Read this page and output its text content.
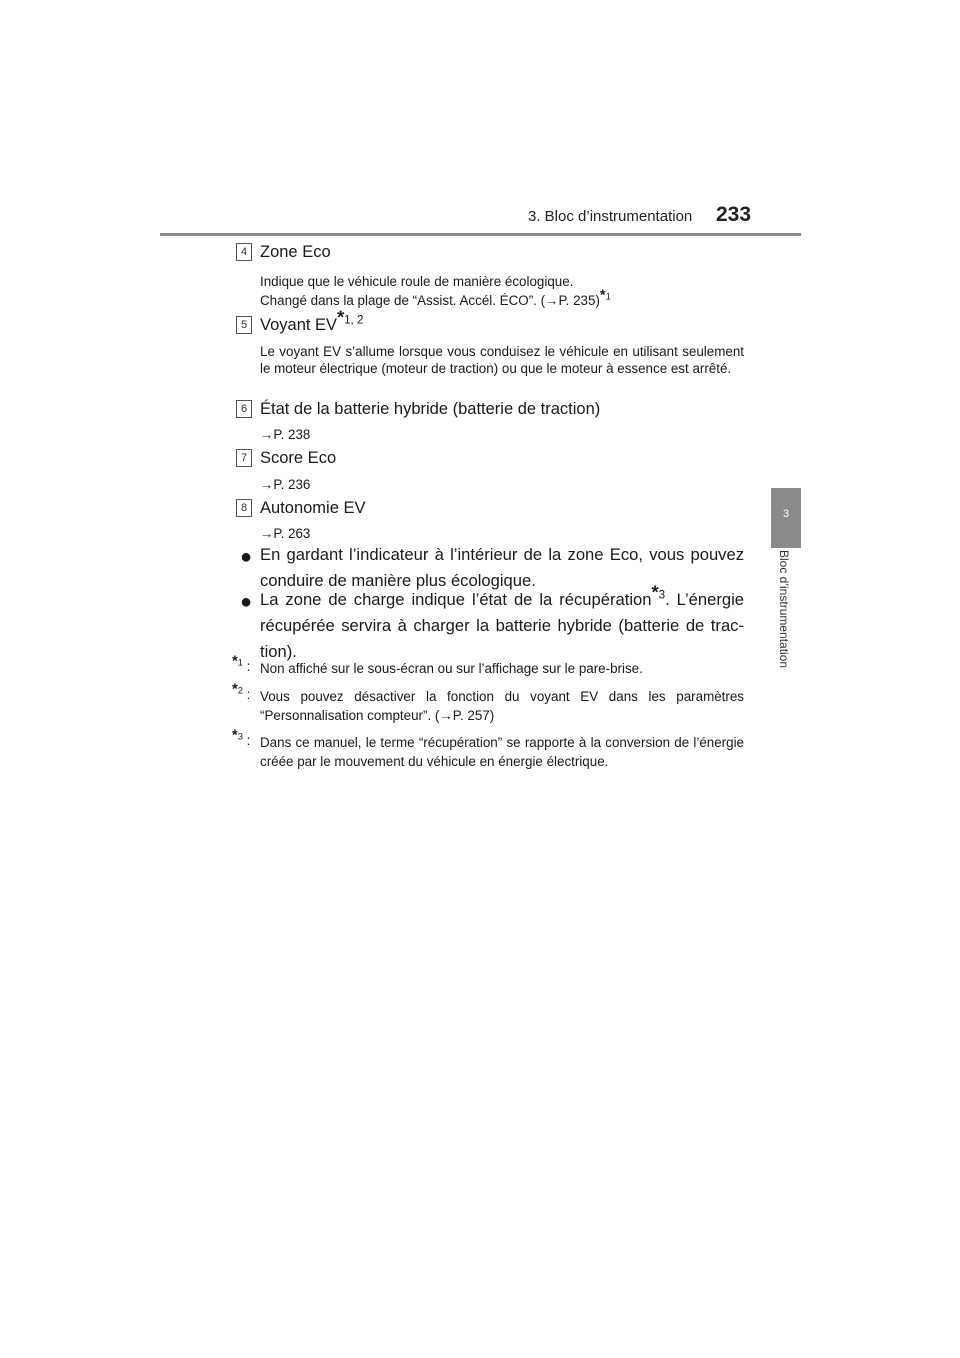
3. Bloc d’instrumentation 233
3
Bloc d’instrumentation
4 Zone Eco
Indique que le véhicule roule de manière écologique.
Changé dans la plage de “Assist. Accél. ÉCO”. (→P. 235)$^{*1}$
5 Voyant EV$^{*1, 2}$
Le voyant EV s’allume lorsque vous conduisez le véhicule en utilisant seulement le moteur électrique (moteur de traction) ou que le moteur à essence est arrêté.
6 État de la batterie hybride (batterie de traction)
→P. 238
7 Score Eco
→P. 236
8 Autonomie EV
→P. 263
● En gardant l’indicateur à l’intérieur de la zone Eco, vous pouvez conduire de manière plus écologique.
● La zone de charge indique l’état de la récupération$^{*3}$. L’énergie récupérée servira à charger la batterie hybride (batterie de trac-tion).
$^{*1}$ : Non affiché sur le sous-écran ou sur l’affichage sur le pare-brise.
$^{*2}$ : Vous pouvez désactiver la fonction du voyant EV dans les paramètres “Personnalisation compteur”. (→P. 257)
$^{*3}$ : Dans ce manuel, le terme “récupération” se rapporte à la conversion de l’énergie créée par le mouvement du véhicule en énergie électrique.
